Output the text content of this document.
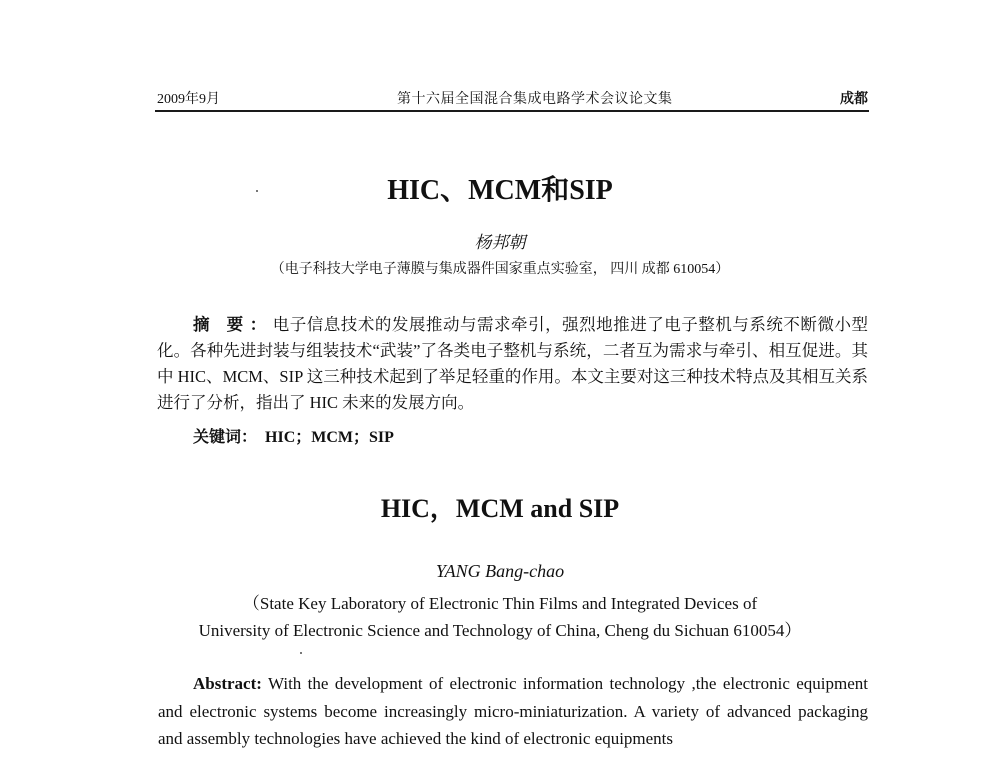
2009年9月	第十六届全国混合集成电路学术会议论文集	成都
HIC、MCM和SIP
杨邦朝
（电子科技大学电子薄膜与集成器件国家重点实验室， 四川 成都 610054）

摘 要：电子信息技术的发展推动与需求牵引，强烈地推进了电子整机与系统不断微小型化。各种先进封装与组装技术“武装”了各类电子整机与系统，二者互为需求与牵引、相互促进。其中 HIC、MCM、SIP 这三种技术起到了举足轻重的作用。本文主要对这三种技术特点及其相互关系进行了分析，指出了 HIC 未来的发展方向。

关键词： HIC；MCM；SIP
HIC，MCM and SIP
YANG Bang-chao
（State Key Laboratory of Electronic Thin Films and Integrated Devices of
University of Electronic Science and Technology of China, Cheng du Sichuan 610054）

Abstract: With the development of electronic information technology ,the electronic equipment and electronic systems become increasingly micro-miniaturization. A variety of advanced packaging and assembly technologies have achieved the kind of electronic equipments
